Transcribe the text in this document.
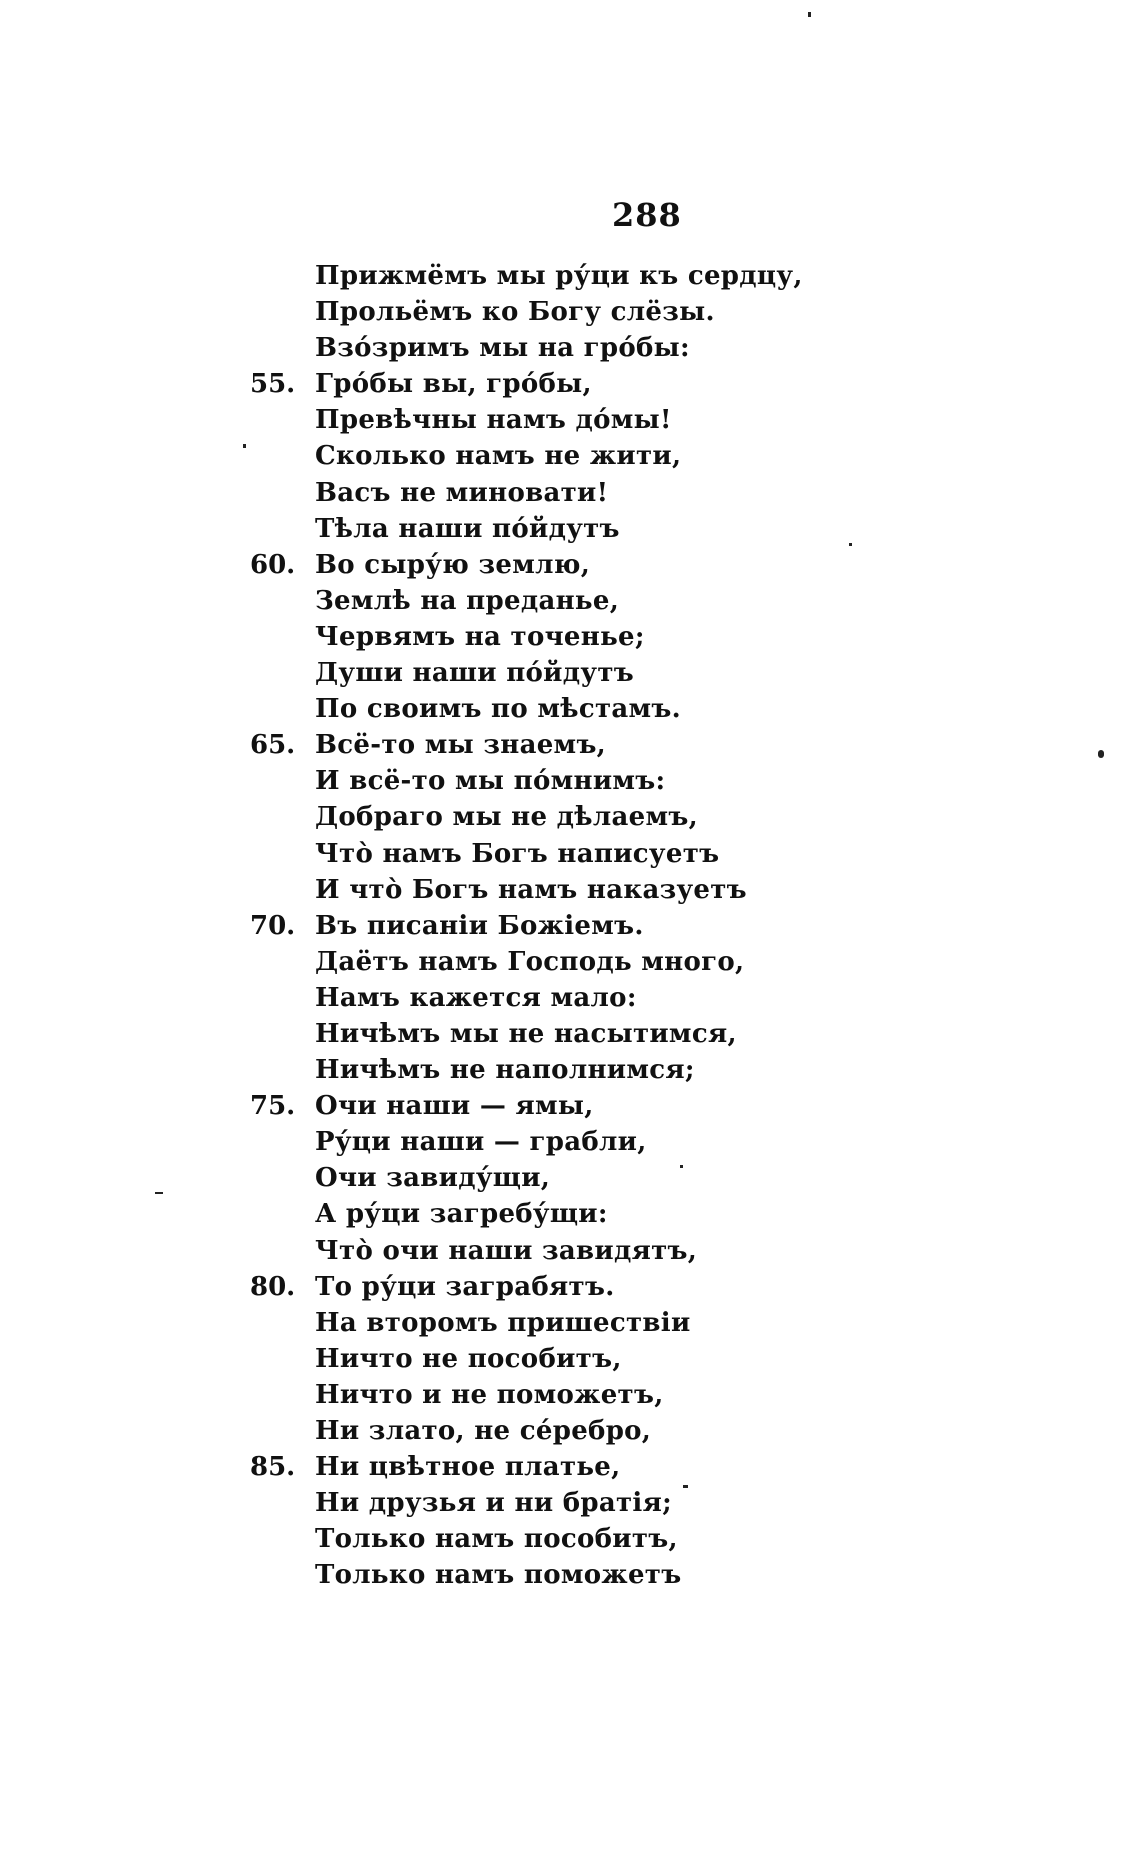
288
Прижмёмъ мы ру́ци къ сердцу,
Прольёмъ ко Богу слёзы.
Взо́зримъ мы на гро́бы:
55. Гро́бы вы, гро́бы,
Превѣчны намъ до́мы!
Сколько намъ не жити,
Васъ не миновати!
Тѣла наши по́йдутъ
60. Во сыру́ю землю,
Землѣ на преданье,
Червямъ на точенье;
Души наши по́йдутъ
По своимъ по мѣстамъ.
65. Всё-то мы знаемъ,
И всё-то мы по́мнимъ:
Добраго мы не дѣлаемъ,
Что̀ намъ Богъ написуетъ
И что̀ Богъ намъ наказуетъ
70. Въ писаніи Божіемъ.
Даётъ намъ Господь много,
Намъ кажется мало:
Ничѣмъ мы не насытимся,
Ничѣмъ не наполнимся;
75. Очи наши — ямы,
Ру́ци наши — грабли,
Очи завиду́щи,
А ру́ци загребу́щи:
Что̀ очи наши завидятъ,
80. То ру́ци заграбятъ.
На второмъ пришествіи
Ничто не пособитъ,
Ничто и не поможетъ,
Ни злато, не се́ребро,
85. Ни цвѣтное платье,
Ни друзья и ни братія;
Только намъ пособитъ,
Только намъ поможетъ
